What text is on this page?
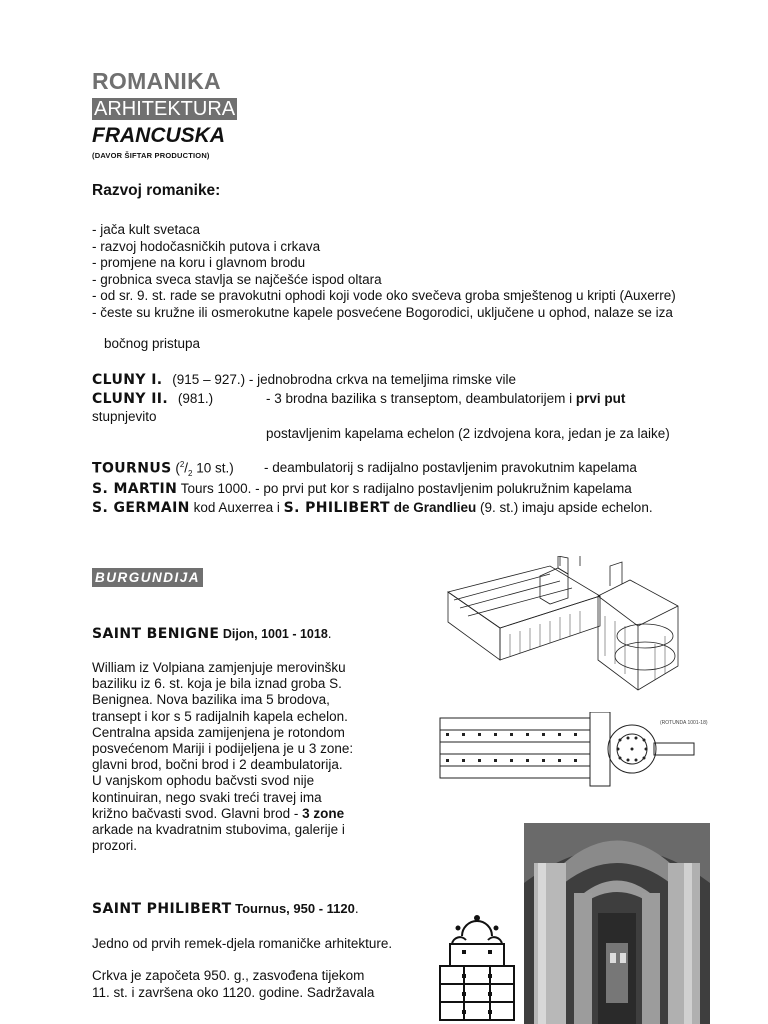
ROMANIKA
ARHITEKTURA
FRANCUSKA
(DAVOR ŠIFTAR PRODUCTION)
Razvoj romanike:
- jača kult svetaca
- razvoj hodočasničkih putova i crkava
- promjene na koru i glavnom brodu
- grobnica sveca stavlja se najčešće ispod oltara
- od sr. 9. st. rade se pravokutni ophodi koji vode oko svečeva groba smještenog u kripti (Auxerre)
- česte su kružne ili osmerokutne kapele posvećene Bogorodici, uključene u ophod, nalaze se iza
bočnog pristupa
CLUNY I. (915 – 927.) - jednobrodna crkva na temeljima rimske vile
CLUNY II. (981.)	- 3 brodna bazilika s transeptom, deambulatorijem i prvi put
stupnjevito
postavljenim kapelama echelon (2 izdvojena kora, jedan je za laike)
TOURNUS ($^2/_2$ 10 st.) - deambulatorij s radijalno postavljenim pravokutnim kapelama
S. MARTIN Tours 1000. - po prvi put kor s radijalno postavljenim polukružnim kapelama
S. GERMAIN kod Auxerrea i S. PHILIBERT de Grandlieu (9. st.) imaju apside echelon.
BURGUNDIJA
SAINT BENIGNE Dijon, 1001 - 1018.
William iz Volpiana zamjenjuje merovinšku
baziliku iz 6. st. koja je bila iznad groba S.
Benignea. Nova bazilika ima 5 brodova,
transept i kor s 5 radijalnih kapela echelon.
Centralna apsida zamijenjena je rotondom
posvećenom Mariji i podijeljena je u 3 zone:
glavni brod, bočni brod i 2 deambulatorija.
U vanjskom ophodu bačvsti svod nije
kontinuiran, nego svaki treći travej ima
križno bačvasti svod. Glavni brod - 3 zone
arkade na kvadratnim stubovima, galerije i
prozori.
SAINT PHILIBERT Tournus, 950 - 1120.
Jedno od prvih remek-djela romaničke arhitekture.
Crkva je započeta 950. g., zasvođena tijekom
11. st. i završena oko 1120. godine. Sadržavala
(ROTUNDA 1001-18)
